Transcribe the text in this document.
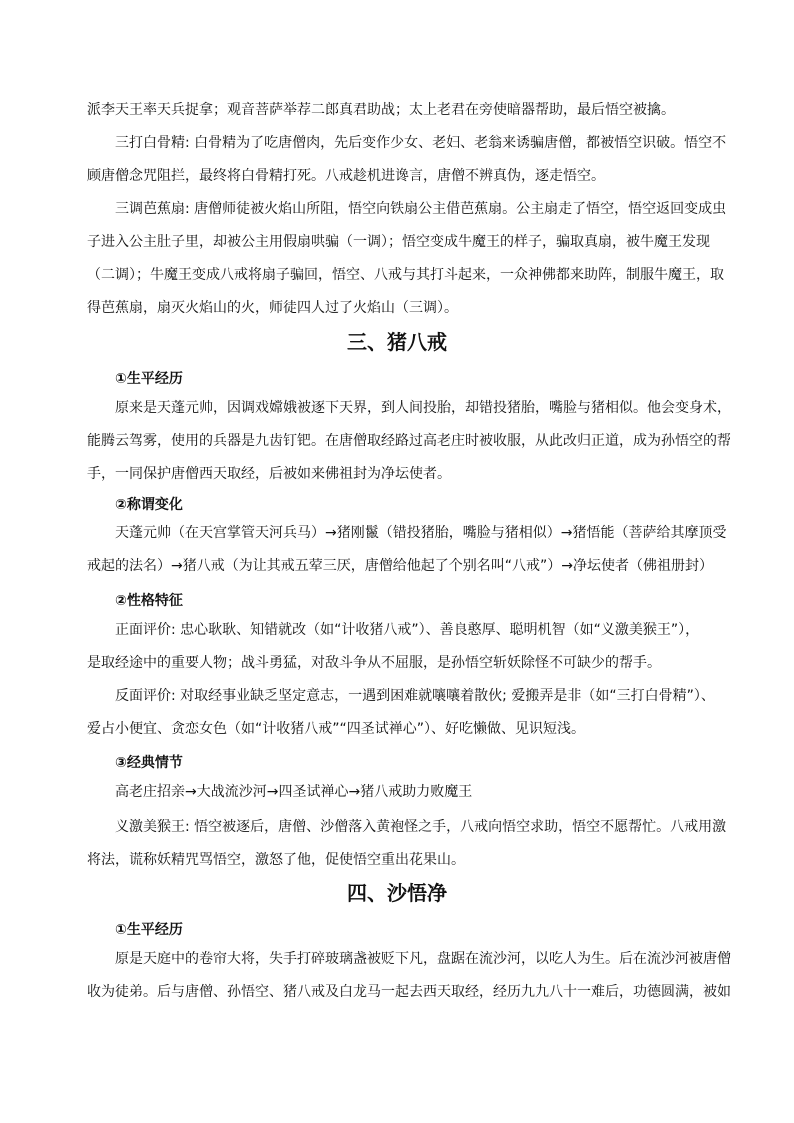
派李天王率天兵捉拿；观音菩萨举荐二郎真君助战；太上老君在旁使暗器帮助，最后悟空被擒。

三打白骨精: 白骨精为了吃唐僧肉，先后变作少女、老妇、老翁来诱骗唐僧，都被悟空识破。悟空不
顾唐僧念咒阻拦，最终将白骨精打死。八戒趁机进谗言，唐僧不辨真伪，逐走悟空。

三调芭蕉扇: 唐僧师徒被火焰山所阻，悟空向铁扇公主借芭蕉扇。公主扇走了悟空，悟空返回变成虫
子进入公主肚子里，却被公主用假扇哄骗（一调）；悟空变成牛魔王的样子，骗取真扇，被牛魔王发现
（二调）；牛魔王变成八戒将扇子骗回，悟空、八戒与其打斗起来，一众神佛都来助阵，制服牛魔王，取
得芭蕉扇，扇灭火焰山的火，师徒四人过了火焰山（三调）。

三、猪八戒

①生平经历

原来是天蓬元帅，因调戏嫦娥被逐下天界，到人间投胎，却错投猪胎，嘴脸与猪相似。他会变身术，
能腾云驾雾，使用的兵器是九齿钉钯。在唐僧取经路过高老庄时被收服，从此改归正道，成为孙悟空的帮
手，一同保护唐僧西天取经，后被如来佛祖封为净坛使者。

②称谓变化

天蓬元帅（在天宫掌管天河兵马）→猪刚鬣（错投猪胎，嘴脸与猪相似）→猪悟能（菩萨给其摩顶受
戒起的法名）→猪八戒（为让其戒五荤三厌，唐僧给他起了个别名叫“八戒”）→净坛使者（佛祖册封）

②性格特征

正面评价: 忠心耿耿、知错就改（如“计收猪八戒”）、善良憨厚、聪明机智（如“义激美猴王”），
是取经途中的重要人物；战斗勇猛，对敌斗争从不屈服，是孙悟空斩妖除怪不可缺少的帮手。

反面评价: 对取经事业缺乏坚定意志，一遇到困难就嚷嚷着散伙; 爱搬弄是非（如“三打白骨精”）、
爱占小便宜、贪恋女色（如“计收猪八戒”“四圣试禅心”）、好吃懒做、见识短浅。

③经典情节

高老庄招亲→大战流沙河→四圣试禅心→猪八戒助力败魔王

义激美猴王: 悟空被逐后，唐僧、沙僧落入黄袍怪之手，八戒向悟空求助，悟空不愿帮忙。八戒用激
将法，谎称妖精咒骂悟空，激怒了他，促使悟空重出花果山。

四、沙悟净

①生平经历

原是天庭中的卷帘大将，失手打碎玻璃盏被贬下凡，盘踞在流沙河，以吃人为生。后在流沙河被唐僧
收为徒弟。后与唐僧、孙悟空、猪八戒及白龙马一起去西天取经，经历九九八十一难后，功德圆满，被如
